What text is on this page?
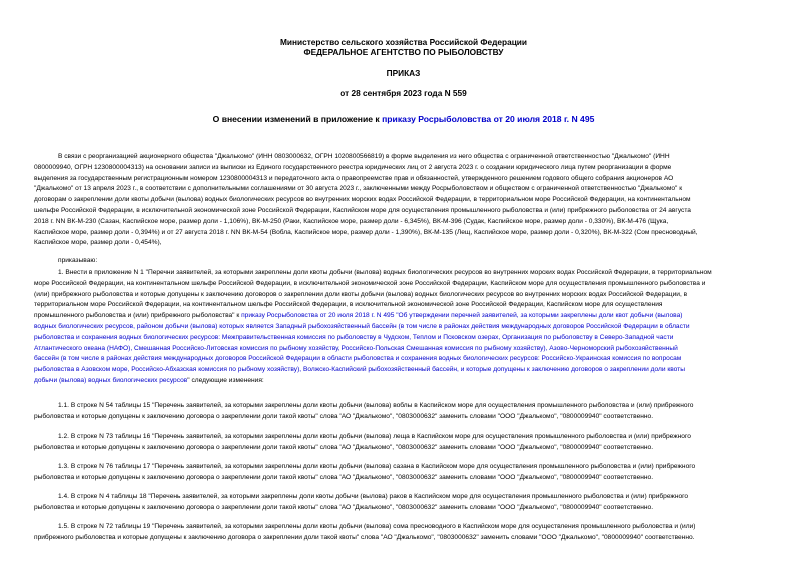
Министерство сельского хозяйства Российской Федерации
ФЕДЕРАЛЬНОЕ АГЕНТСТВО ПО РЫБОЛОВСТВУ
ПРИКАЗ
от 28 сентября 2023 года N 559
О внесении изменений в приложение к приказу Росрыболовства от 20 июля 2018 г. N 495
В связи с реорганизацией акционерного общества "Джалькомо" (ИНН 0803000632, ОГРН 1020800566819) в форме выделения из него общества с ограниченной ответственностью "Джалькомо" (ИНН
0800009940, ОГРН 1230800004313) на основании записи из выписки из Единого государственного реестра юридических лиц от 2 августа 2023 г. о создании юридического лица путем реорганизации в форме
выделения за государственным регистрационным номером 1230800004313 и передаточного акта о правопреемстве прав и обязанностей, утвержденного решением годового общего собрания акционеров АО
"Джалькомо" от 13 апреля 2023 г., в соответствии с дополнительными соглашениями от 30 августа 2023 г., заключенными между Росрыболовством и обществом с ограниченной ответственностью "Джалькомо" к
договорам о закреплении доли квоты добычи (вылова) водных биологических ресурсов во внутренних морских водах Российской Федерации, в территориальном море Российской Федерации, на континентальном
шельфе Российской Федерации, в исключительной экономической зоне Российской Федерации, Каспийском море для осуществления промышленного рыболовства и (или) прибрежного рыболовства от 24 августа
2018 г. NN ВК-М-230 (Сазан, Каспийское море, размер доли - 1,106%), ВК-М-250 (Раки, Каспийское море, размер доли - 6,345%), ВК-М-396 (Судак, Каспийское море, размер доли - 0,330%), ВК-М-476 (Щука,
Каспийское море, размер доли - 0,394%) и от 27 августа 2018 г. NN ВК-М-54 (Вобла, Каспийское море, размер доли - 1,390%), ВК-М-135 (Лещ, Каспийское море, размер доли - 0,320%), ВК-М-322 (Сом пресноводный,
Каспийское море, размер доли - 0,454%),
приказываю:
1. Внести в приложение N 1 "Перечни заявителей, за которыми закреплены доли квоты добычи (вылова) водных биологических ресурсов во внутренних морских водах Российской Федерации, в территориальном
море Российской Федерации, на континентальном шельфе Российской Федерации, в исключительной экономической зоне Российской Федерации, Каспийском море для осуществления промышленного рыболовства и
(или) прибрежного рыболовства и которые допущены к заключению договоров о закреплении доли квоты добычи (вылова) водных биологических ресурсов во внутренних морских водах Российской Федерации, в
территориальном море Российской Федерации, на континентальном шельфе Российской Федерации, в исключительной экономической зоне Российской Федерации, Каспийском море для осуществления
промышленного рыболовства и (или) прибрежного рыболовства" к приказу Росрыболовства от 20 июля 2018 г. N 495 "Об утверждении перечней заявителей, за которыми закреплены доли квот добычи (вылова)
водных биологических ресурсов, районом добычи (вылова) которых является Западный рыбохозяйственный бассейн (в том числе в районах действия международных договоров Российской Федерации в области
рыболовства и сохранения водных биологических ресурсов: Межправительственная комиссия по рыболовству в Чудском, Теплом и Псковском озерах, Организация по рыболовству в Северо-Западной части
Атлантического океана (НАФО), Смешанная Российско-Литовская комиссия по рыбному хозяйству, Российско-Польская Смешанная комиссия по рыбному хозяйству), Азово-Черноморский рыбохозяйственный
бассейн (в том числе в районах действия международных договоров Российской Федерации в области рыболовства и сохранения водных биологических ресурсов: Российско-Украинская комиссия по вопросам
рыболовства в Азовском море, Российско-Абхазская комиссия по рыбному хозяйству), Волжско-Каспийский рыбохозяйственный бассейн, и которые допущены к заключению договоров о закреплении доли квоты
добычи (вылова) водных биологических ресурсов" следующие изменения:
1.1. В строке N 54 таблицы 15 "Перечень заявителей, за которыми закреплены доли квоты добычи (вылова) воблы в Каспийском море для осуществления промышленного рыболовства и (или) прибрежного
рыболовства и которые допущены к заключению договора о закреплении доли такой квоты" слова "АО "Джалькомо", "0803000632" заменить словами "ООО "Джалькомо", "0800009940" соответственно.
1.2. В строке N 73 таблицы 16 "Перечень заявителей, за которыми закреплены доли квоты добычи (вылова) леща в Каспийском море для осуществления промышленного рыболовства и (или) прибрежного
рыболовства и которые допущены к заключению договора о закреплении доли такой квоты" слова "АО "Джалькомо", "0803000632" заменить словами "ООО "Джалькомо", "0800009940" соответственно.
1.3. В строке N 76 таблицы 17 "Перечень заявителей, за которыми закреплены доли квоты добычи (вылова) сазана в Каспийском море для осуществления промышленного рыболовства и (или) прибрежного
рыболовства и которые допущены к заключению договора о закреплении доли такой квоты" слова "АО "Джалькомо", "0803000632" заменить словами "ООО "Джалькомо", "0800009940" соответственно.
1.4. В строке N 4 таблицы 18 "Перечень заявителей, за которыми закреплены доли квоты добычи (вылова) раков в Каспийском море для осуществления промышленного рыболовства и (или) прибрежного
рыболовства и которые допущены к заключению договора о закреплении доли такой квоты" слова "АО "Джалькомо", "0803000632" заменить словами "ООО "Джалькомо", "0800009940" соответственно.
1.5. В строке N 72 таблицы 19 "Перечень заявителей, за которыми закреплены доли квоты добычи (вылова) сома пресноводного в Каспийском море для осуществления промышленного рыболовства и (или)
прибрежного рыболовства и которые допущены к заключению договора о закреплении доли такой квоты" слова "АО "Джалькомо", "0803000632" заменить словами "ООО "Джалькомо", "0800009940" соответственно.
